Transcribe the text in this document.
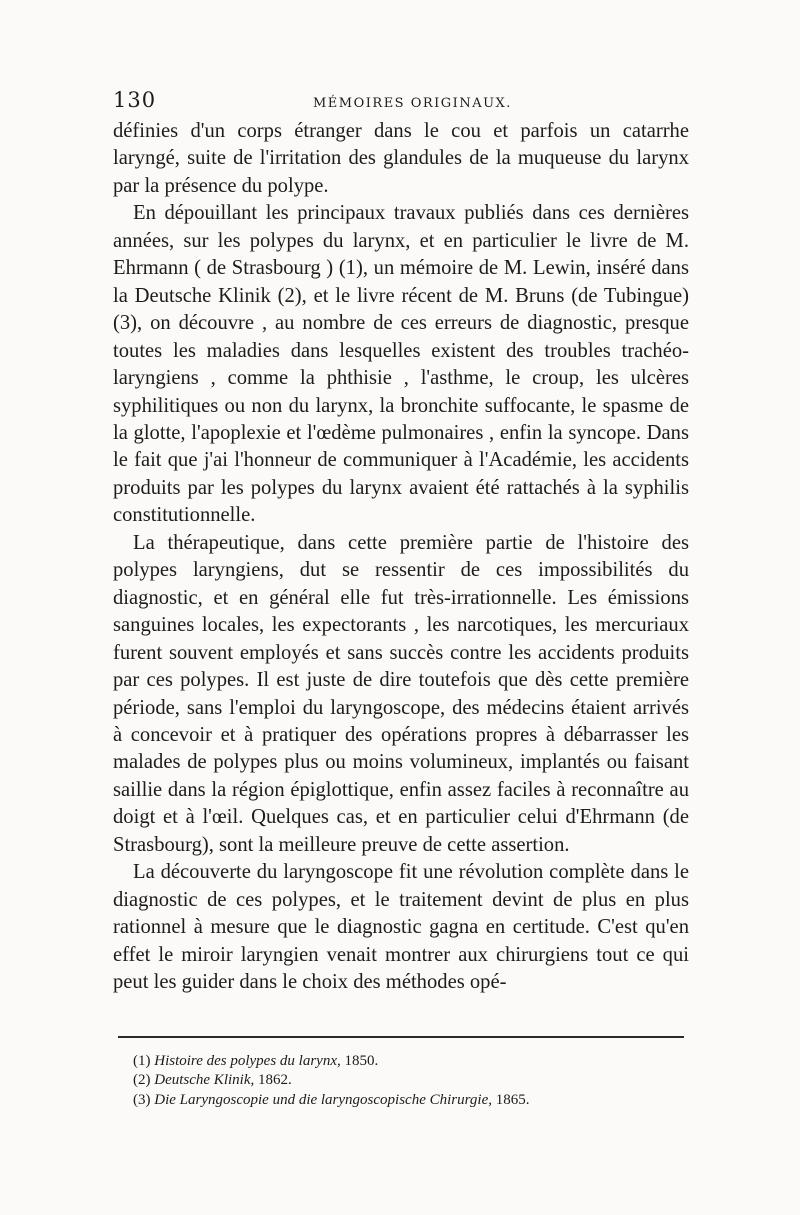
130	MÉMOIRES ORIGINAUX.

définies d'un corps étranger dans le cou et parfois un catarrhe laryngé, suite de l'irritation des glandules de la muqueuse du larynx par la présence du polype.

En dépouillant les principaux travaux publiés dans ces dernières années, sur les polypes du larynx, et en particulier le livre de M. Ehrmann ( de Strasbourg ) (1), un mémoire de M. Lewin, inséré dans la Deutsche Klinik (2), et le livre récent de M. Bruns (de Tubingue) (3), on découvre , au nombre de ces erreurs de diagnostic, presque toutes les maladies dans lesquelles existent des troubles trachéo-laryngiens , comme la phthisie , l'asthme, le croup, les ulcères syphilitiques ou non du larynx, la bronchite suffocante, le spasme de la glotte, l'apoplexie et l'œdème pulmonaires , enfin la syncope. Dans le fait que j'ai l'honneur de communiquer à l'Académie, les accidents produits par les polypes du larynx avaient été rattachés à la syphilis constitutionnelle.

La thérapeutique, dans cette première partie de l'histoire des polypes laryngiens, dut se ressentir de ces impossibilités du diagnostic, et en général elle fut très-irrationnelle. Les émissions sanguines locales, les expectorants , les narcotiques, les mercuriaux furent souvent employés et sans succès contre les accidents produits par ces polypes. Il est juste de dire toutefois que dès cette première période, sans l'emploi du laryngoscope, des médecins étaient arrivés à concevoir et à pratiquer des opérations propres à débarrasser les malades de polypes plus ou moins volumineux, implantés ou faisant saillie dans la région épiglottique, enfin assez faciles à reconnaître au doigt et à l'œil. Quelques cas, et en particulier celui d'Ehrmann (de Strasbourg), sont la meilleure preuve de cette assertion.

La découverte du laryngoscope fit une révolution complète dans le diagnostic de ces polypes, et le traitement devint de plus en plus rationnel à mesure que le diagnostic gagna en certitude. C'est qu'en effet le miroir laryngien venait montrer aux chirurgiens tout ce qui peut les guider dans le choix des méthodes opé-

(1) Histoire des polypes du larynx, 1850.
(2) Deutsche Klinik, 1862.
(3) Die Laryngoscopie und die laryngoscopische Chirurgie, 1865.
